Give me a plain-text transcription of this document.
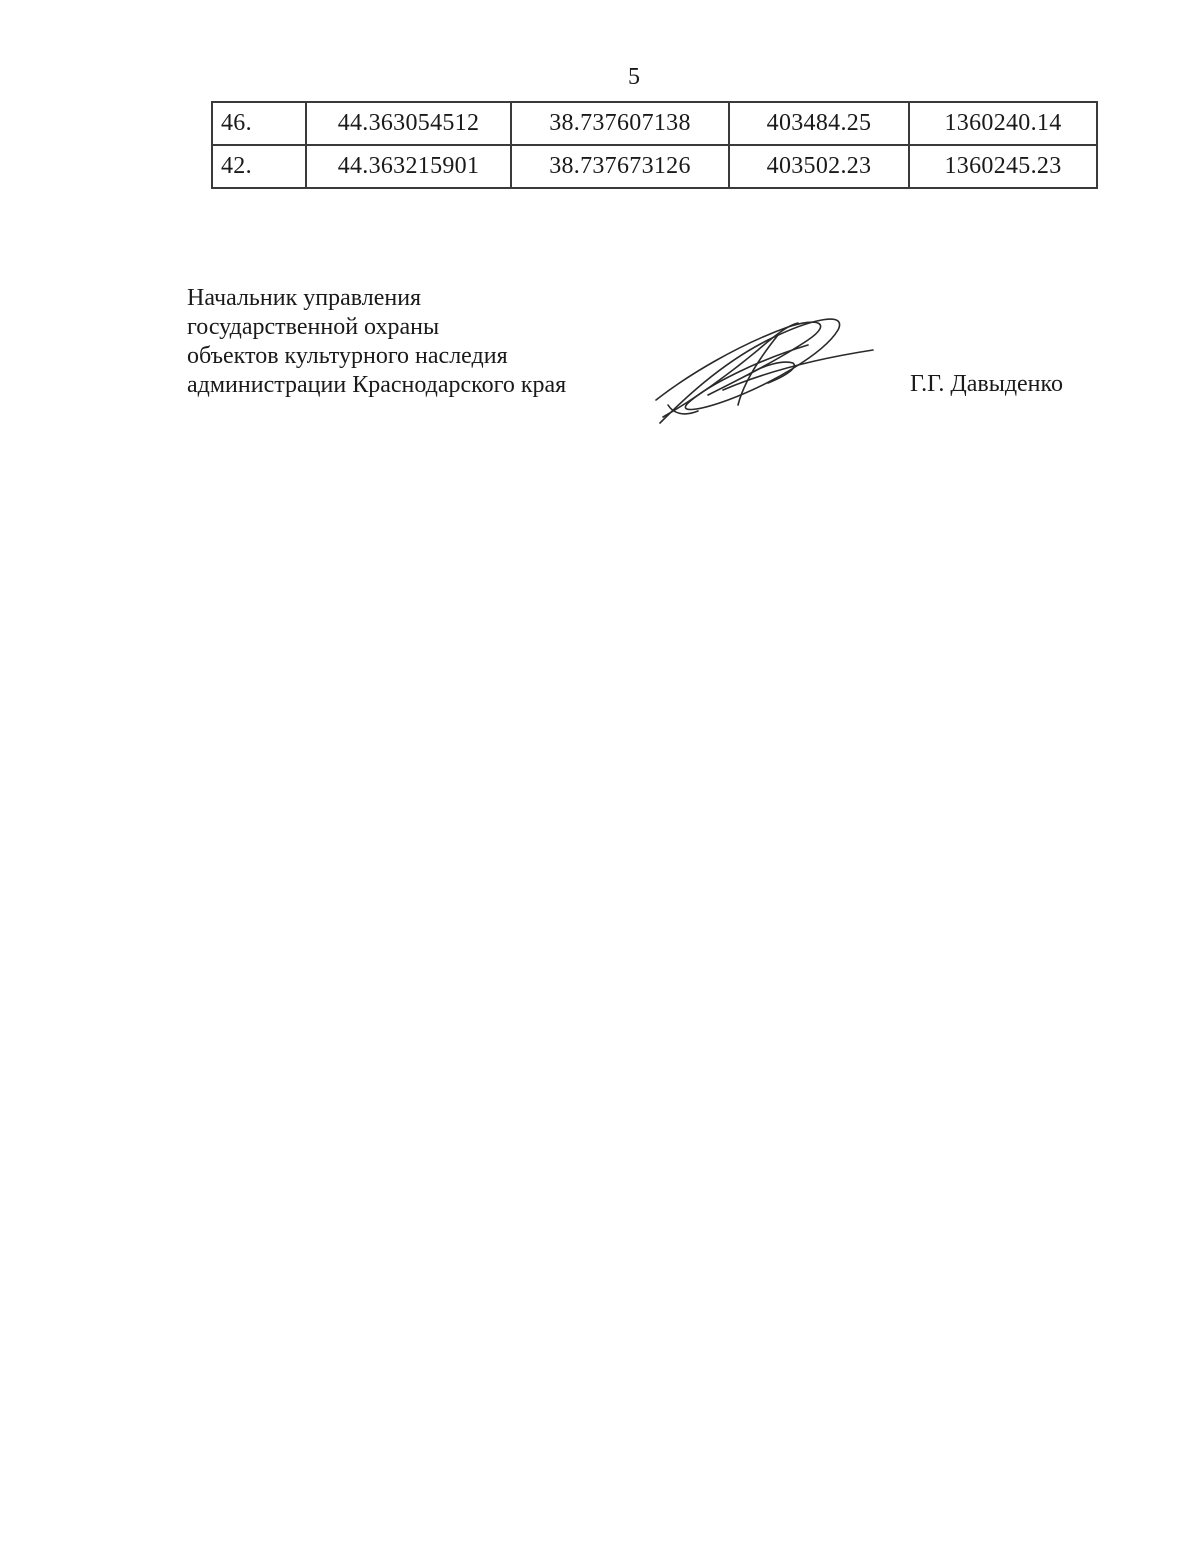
5
46.	44.363054512	38.737607138	403484.25	1360240.14
42.	44.363215901	38.737673126	403502.23	1360245.23
Начальник управления
государственной охраны
объектов культурного наследия
администрации Краснодарского края	Г.Г. Давыденко
